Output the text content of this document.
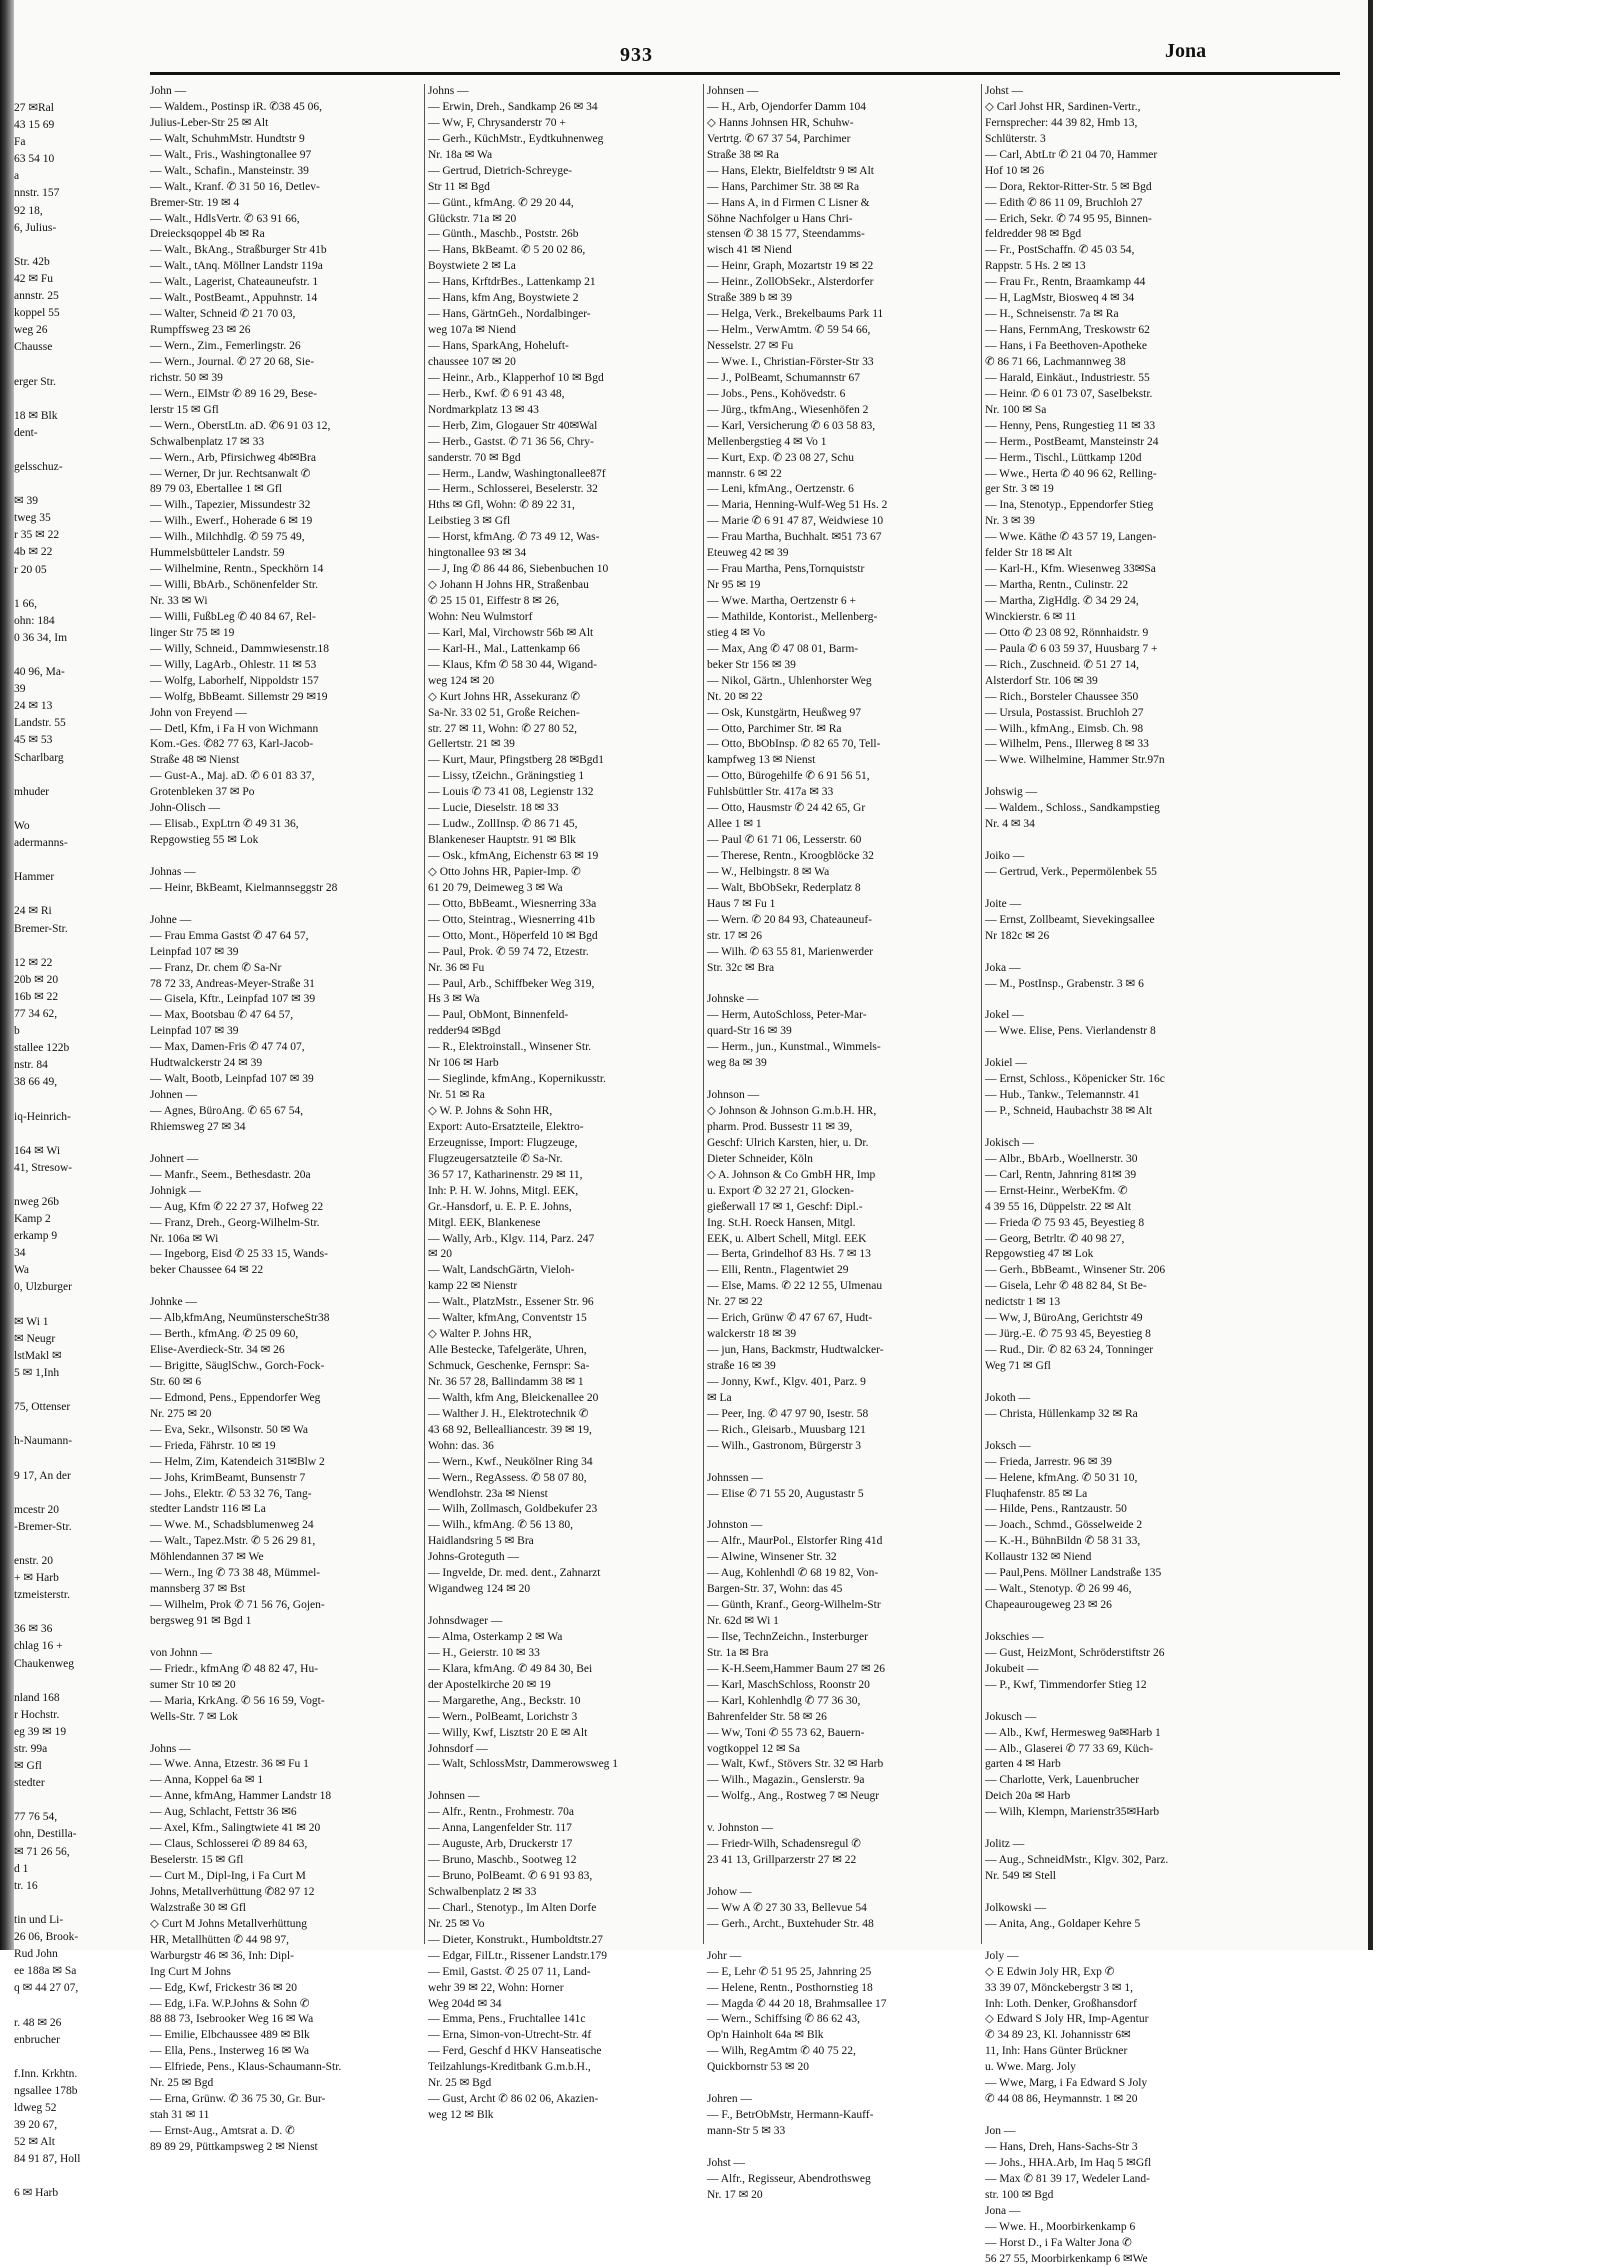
27 ✉Ral
43 15 69
Fa
63 54 10
a
nnstr. 157
92 18,
6, Julius-
Str. 42b
42 ✉ Fu
annstr. 25
koppel 55
weg 26
Chausse
erger Str.
18 ✉ Blk
dent-
gelsschuz-
✉ 39
tweg 35
r 35 ✉ 22
4b ✉ 22
r 20 05
1 66,
ohn: 184
0 36 34, Im
40 96, Ma-
39
24 ✉ 13
Landstr. 55
45 ✉ 53
Scharlbarg
mhuder
Wo
adermanns-
Hammer
24 ✉ Ri
Bremer-Str.
12 ✉ 22
20b ✉ 20
16b ✉ 22
77 34 62,
b
stallee 122b
nstr. 84
38 66 49,
iq-Heinrich-
164 ✉ Wi
41, Stresow-
nweg 26b
Kamp 2
erkamp 9
34
Wa
0, Ulzburger
✉ Wi 1
✉ Neugr
lstMakl ✉
5 ✉ 1,Inh
75, Ottenser
h-Naumann-
9 17, An der
mcestr 20
-Bremer-Str.
enstr. 20
+ ✉ Harb
tzmeisterstr.
36 ✉ 36
chlag 16 +
Chaukenweg
nland 168
r Hochstr.
eg 39 ✉ 19
str. 99a
✉ Gfl
stedter
77 76 54,
ohn, Destilla-
✉ 71 26 56,
d 1
tr. 16
tin und Li-
26 06, Brook-
Rud John
ee 188a ✉ Sa
q ✉ 44 27 07,
r. 48 ✉ 26
enbrucher
f.Inn. Krkhtn.
ngsallee 178b
ldweg 52
39 20 67,
52 ✉ Alt
84 91 87, Holl
6 ✉ Harb
933	Jona
John —
— Waldem., Postinsp iR. ✆38 45 06,
Julius-Leber-Str 25 ✉ Alt
— Walt, SchuhmMstr. Hundtstr 9
— Walt., Fris., Washingtonallee 97
— Walt., Schafin., Mansteinstr. 39
— Walt., Kranf. ✆ 31 50 16, Detlev-
Bremer-Str. 19 ✉ 4
— Walt., HdlsVertr. ✆ 63 91 66,
Dreiecksqoppel 4b ✉ Ra
— Walt., BkAng., Straßburger Str 41b
— Walt., tAnq. Möllner Landstr 119a
— Walt., Lagerist, Chateauneufstr. 1
— Walt., PostBeamt., Appuhnstr. 14
— Walter, Schneid ✆ 21 70 03,
Rumpffsweg 23 ✉ 26
— Wern., Zim., Femerlingstr. 26
— Wern., Journal. ✆ 27 20 68, Sie-
richstr. 50 ✉ 39
— Wern., ElMstr ✆ 89 16 29, Bese-
lerstr 15 ✉ Gfl
— Wern., OberstLtn. aD. ✆6 91 03 12,
Schwalbenplatz 17 ✉ 33
— Wern., Arb, Pfirsichweg 4b✉Bra
— Werner, Dr jur. Rechtsanwalt ✆
89 79 03, Ebertallee 1 ✉ Gfl
— Wilh., Tapezier, Missundestr 32
— Wilh., Ewerf., Hoherade 6 ✉ 19
— Wilh., Milchhdlg. ✆ 59 75 49,
Hummelsbütteler Landstr. 59
— Wilhelmine, Rentn., Speckhörn 14
— Willi, BbArb., Schönenfelder Str.
Nr. 33 ✉ Wi
— Willi, FußbLeg ✆ 40 84 67, Rel-
linger Str 75 ✉ 19
— Willy, Schneid., Dammwiesenstr.18
— Willy, LagArb., Ohlestr. 11 ✉ 53
— Wolfg, Laborhelf, Nippoldstr 157
— Wolfg, BbBeamt. Sillemstr 29 ✉19
John von Freyend —
— Detl, Kfm, i Fa H von Wichmann
Kom.-Ges. ✆82 77 63, Karl-Jacob-
Straße 48 ✉ Nienst
— Gust-A., Maj. aD. ✆ 6 01 83 37,
Grotenbleken 37 ✉ Po
John-Olisch —
— Elisab., ExpLtrn ✆ 49 31 36,
Repgowstieg 55 ✉ Lok
Johnas —
— Heinr, BkBeamt, Kielmannseggstr 28
Johne —
— Frau Emma Gastst ✆ 47 64 57,
Leinpfad 107 ✉ 39
— Franz, Dr. chem ✆ Sa-Nr
78 72 33, Andreas-Meyer-Straße 31
— Gisela, Kftr., Leinpfad 107 ✉ 39
— Max, Bootsbau ✆ 47 64 57,
Leinpfad 107 ✉ 39
— Max, Damen-Fris ✆ 47 74 07,
Hudtwalckerstr 24 ✉ 39
— Walt, Bootb, Leinpfad 107 ✉ 39
Johnen —
— Agnes, BüroAng. ✆ 65 67 54,
Rhiemsweg 27 ✉ 34
Johnert —
— Manfr., Seem., Bethesdastr. 20a
Johnigk —
— Aug, Kfm ✆ 22 27 37, Hofweg 22
— Franz, Dreh., Georg-Wilhelm-Str.
Nr. 106a ✉ Wi
— Ingeborg, Eisd ✆ 25 33 15, Wands-
beker Chaussee 64 ✉ 22
Johnke —
— Alb,kfmAng, NeumünsterscheStr38
— Berth., kfmAng. ✆ 25 09 60,
Elise-Averdieck-Str. 34 ✉ 26
— Brigitte, SäuglSchw., Gorch-Fock-
Str. 60 ✉ 6
— Edmond, Pens., Eppendorfer Weg
Nr. 275 ✉ 20
— Eva, Sekr., Wilsonstr. 50 ✉ Wa
— Frieda, Fährstr. 10 ✉ 19
— Helm, Zim, Katendeich 31✉Blw 2
— Johs, KrimBeamt, Bunsenstr 7
— Johs., Elektr. ✆ 53 32 76, Tang-
stedter Landstr 116 ✉ La
— Wwe. M., Schadsblumenweg 24
— Walt., Tapez.Mstr. ✆ 5 26 29 81,
Möhlendannen 37 ✉ We
— Wern., Ing ✆ 73 38 48, Mümmel-
mannsberg 37 ✉ Bst
— Wilhelm, Prok ✆ 71 56 76, Gojen-
bergsweg 91 ✉ Bgd 1
von Johnn —
— Friedr., kfmAng ✆ 48 82 47, Hu-
sumer Str 10 ✉ 20
— Maria, KrkAng. ✆ 56 16 59, Vogt-
Wells-Str. 7 ✉ Lok
Johns —
— Wwe. Anna, Etzestr. 36 ✉ Fu 1
— Anna, Koppel 6a ✉ 1
— Anne, kfmAng, Hammer Landstr 18
— Aug, Schlacht, Fettstr 36 ✉6
— Axel, Kfm., Salingtwiete 41 ✉ 20
— Claus, Schlosserei ✆ 89 84 63,
Beselerstr. 15 ✉ Gfl
— Curt M., Dipl-Ing, i Fa Curt M
Johns, Metallverhüttung ✆82 97 12
Walzstraße 30 ✉ Gfl
◇ Curt M Johns Metallverhüttung
HR, Metallhütten ✆ 44 98 97,
Warburgstr 46 ✉ 36, Inh: Dipl-
Ing Curt M Johns
— Edg, Kwf, Frickestr 36 ✉ 20
— Edg, i.Fa. W.P.Johns & Sohn ✆
88 88 73, Isebrooker Weg 16 ✉ Wa
— Emilie, Elbchaussee 489 ✉ Blk
— Ella, Pens., Insterweg 16 ✉ Wa
— Elfriede, Pens., Klaus-Schaumann-Str.
Nr. 25 ✉ Bgd
— Erna, Grünw. ✆ 36 75 30, Gr. Bur-
stah 31 ✉ 11
— Ernst-Aug., Amtsrat a. D. ✆
89 89 29, Püttkampsweg 2 ✉ Nienst
Johns —
— Erwin, Dreh., Sandkamp 26 ✉ 34
— Ww, F, Chrysanderstr 70 +
— Gerh., KüchMstr., Eydtkuhnenweg
Nr. 18a ✉ Wa
— Gertrud, Dietrich-Schreyge-
Str 11 ✉ Bgd
— Günt., kfmAng. ✆ 29 20 44,
Glückstr. 71a ✉ 20
— Günth., Maschb., Poststr. 26b
— Hans, BkBeamt. ✆ 5 20 02 86,
Boystwiete 2 ✉ La
— Hans, KrftdrBes., Lattenkamp 21
— Hans, kfm Ang, Boystwiete 2
— Hans, GärtnGeh., Nordalbinger-
weg 107a ✉ Niend
— Hans, SparkAng, Hoheluft-
chaussee 107 ✉ 20
— Heinr., Arb., Klapperhof 10 ✉ Bgd
— Herb., Kwf. ✆ 6 91 43 48,
Nordmarkplatz 13 ✉ 43
— Herb, Zim, Glogauer Str 40✉Wal
— Herb., Gastst. ✆ 71 36 56, Chry-
sanderstr. 70 ✉ Bgd
— Herm., Landw, Washingtonallee87f
— Herm., Schlosserei, Beselerstr. 32
Hths ✉ Gfl, Wohn: ✆ 89 22 31,
Leibstieg 3 ✉ Gfl
— Horst, kfmAng. ✆ 73 49 12, Was-
hingtonallee 93 ✉ 34
— J, Ing ✆ 86 44 86, Siebenbuchen 10
◇ Johann H Johns HR, Straßenbau
✆ 25 15 01, Eiffestr 8 ✉ 26,
Wohn: Neu Wulmstorf
— Karl, Mal, Virchowstr 56b ✉ Alt
— Karl-H., Mal., Lattenkamp 66
— Klaus, Kfm ✆ 58 30 44, Wigand-
weg 124 ✉ 20
◇ Kurt Johns HR, Assekuranz ✆
Sa-Nr. 33 02 51, Große Reichen-
str. 27 ✉ 11, Wohn: ✆ 27 80 52,
Gellertstr. 21 ✉ 39
— Kurt, Maur, Pfingstberg 28 ✉Bgd1
— Lissy, tZeichn., Gräningstieg 1
— Louis ✆ 73 41 08, Legienstr 132
— Lucie, Dieselstr. 18 ✉ 33
— Ludw., ZollInsp. ✆ 86 71 45,
Blankeneser Hauptstr. 91 ✉ Blk
— Osk., kfmAng, Eichenstr 63 ✉ 19
◇ Otto Johns HR, Papier-Imp. ✆
61 20 79, Deimeweg 3 ✉ Wa
— Otto, BbBeamt., Wiesnerring 33a
— Otto, Steintrag., Wiesnerring 41b
— Otto, Mont., Höperfeld 10 ✉ Bgd
— Paul, Prok. ✆ 59 74 72, Etzestr.
Nr. 36 ✉ Fu
— Paul, Arb., Schiffbeker Weg 319,
Hs 3 ✉ Wa
— Paul, ObMont, Binnenfeld-
redder94 ✉Bgd
— R., Elektroinstall., Winsener Str.
Nr 106 ✉ Harb
— Sieglinde, kfmAng., Kopernikusstr.
Nr. 51 ✉ Ra
◇ W. P. Johns & Sohn HR,
Export: Auto-Ersatzteile, Elektro-
Erzeugnisse, Import: Flugzeuge,
Flugzeugersatzteile ✆ Sa-Nr.
36 57 17, Katharinenstr. 29 ✉ 11,
Inh: P. H. W. Johns, Mitgl. EEK,
Gr.-Hansdorf, u. E. P. E. Johns,
Mitgl. EEK, Blankenese
— Wally, Arb., Klgv. 114, Parz. 247
✉ 20
— Walt, LandschGärtn, Vieloh-
kamp 22 ✉ Nienstr
— Walt., PlatzMstr., Essener Str. 96
— Walter, kfmAng, Conventstr 15
◇ Walter P. Johns HR,
Alle Bestecke, Tafelgeräte, Uhren,
Schmuck, Geschenke, Fernspr: Sa-
Nr. 36 57 28, Ballindamm 38 ✉ 1
— Walth, kfm Ang, Bleickenallee 20
— Walther J. H., Elektrotechnik ✆
43 68 92, Bellealliancestr. 39 ✉ 19,
Wohn: das. 36
— Wern., Kwf., Neukölner Ring 34
— Wern., RegAssess. ✆ 58 07 80,
Wendlohstr. 23a ✉ Nienst
— Wilh, Zollmasch, Goldbekufer 23
— Wilh., kfmAng. ✆ 56 13 80,
Haidlandsring 5 ✉ Bra
Johns-Groteguth —
— Ingvelde, Dr. med. dent., Zahnarzt
Wigandweg 124 ✉ 20
Johnsdwager —
— Alma, Osterkamp 2 ✉ Wa
— H., Geierstr. 10 ✉ 33
— Klara, kfmAng. ✆ 49 84 30, Bei
der Apostelkirche 20 ✉ 19
— Margarethe, Ang., Beckstr. 10
— Wern., PolBeamt, Lorichstr 3
— Willy, Kwf, Lisztstr 20 E ✉ Alt
Johnsdorf —
— Walt, SchlossMstr, Dammerowsweg 1
Johnsen —
— Alfr., Rentn., Frohmestr. 70a
— Anna, Langenfelder Str. 117
— Auguste, Arb, Druckerstr 17
— Bruno, Maschb., Sootweg 12
— Bruno, PolBeamt. ✆ 6 91 93 83,
Schwalbenplatz 2 ✉ 33
— Charl., Stenotyp., Im Alten Dorfe
Nr. 25 ✉ Vo
— Dieter, Konstrukt., Humboldtstr.27
— Edgar, FilLtr., Rissener Landstr.179
— Emil, Gastst. ✆ 25 07 11, Land-
wehr 39 ✉ 22, Wohn: Horner
Weg 204d ✉ 34
— Emma, Pens., Fruchtallee 141c
— Erna, Simon-von-Utrecht-Str. 4f
— Ferd, Geschf d HKV Hanseatische
Teilzahlungs-Kreditbank G.m.b.H.,
Nr. 25 ✉ Bgd
— Gust, Archt ✆ 86 02 06, Akazien-
weg 12 ✉ Blk
Johnsen —
— H., Arb, Ojendorfer Damm 104
◇ Hanns Johnsen HR, Schuhw-
Vertrtg. ✆ 67 37 54, Parchimer
Straße 38 ✉ Ra
— Hans, Elektr, Bielfeldtstr 9 ✉ Alt
— Hans, Parchimer Str. 38 ✉ Ra
— Hans A, in d Firmen C Lisner &
Söhne Nachfolger u Hans Chri-
stensen ✆ 38 15 77, Steendamms-
wisch 41 ✉ Niend
— Heinr, Graph, Mozartstr 19 ✉ 22
— Heinr., ZollObSekr., Alsterdorfer
Straße 389 b ✉ 39
— Helga, Verk., Brekelbaums Park 11
— Helm., VerwAmtm. ✆ 59 54 66,
Nesselstr. 27 ✉ Fu
— Wwe. I., Christian-Förster-Str 33
— J., PolBeamt, Schumannstr 67
— Jobs., Pens., Kohövedstr. 6
— Jürg., tkfmAng., Wiesenhöfen 2
— Karl, Versicherung ✆ 6 03 58 83,
Mellenbergstieg 4 ✉ Vo 1
— Kurt, Exp. ✆ 23 08 27, Schu
mannstr. 6 ✉ 22
— Leni, kfmAng., Oertzenstr. 6
— Maria, Henning-Wulf-Weg 51 Hs. 2
— Marie ✆ 6 91 47 87, Weidwiese 10
— Frau Martha, Buchhalt. ✉51 73 67
Eteuweg 42 ✉ 39
— Frau Martha, Pens,Tornquiststr
Nr 95 ✉ 19
— Wwe. Martha, Oertzenstr 6 +
— Mathilde, Kontorist., Mellenberg-
stieg 4 ✉ Vo
— Max, Ang ✆ 47 08 01, Barm-
beker Str 156 ✉ 39
— Nikol, Gärtn., Uhlenhorster Weg
Nt. 20 ✉ 22
— Osk, Kunstgärtn, Heußweg 97
— Otto, Parchimer Str. ✉ Ra
— Otto, BbObInsp. ✆ 82 65 70, Tell-
kampfweg 13 ✉ Nienst
— Otto, Bürogehilfe ✆ 6 91 56 51,
Fuhlsbüttler Str. 417a ✉ 33
— Otto, Hausmstr ✆ 24 42 65, Gr
Allee 1 ✉ 1
— Paul ✆ 61 71 06, Lesserstr. 60
— Therese, Rentn., Kroogblöcke 32
— W., Helbingstr. 8 ✉ Wa
— Walt, BbObSekr, Rederplatz 8
Haus 7 ✉ Fu 1
— Wern. ✆ 20 84 93, Chateauneuf-
str. 17 ✉ 26
— Wilh. ✆ 63 55 81, Marienwerder
Str. 32c ✉ Bra
Johnske —
— Herm, AutoSchloss, Peter-Mar-
quard-Str 16 ✉ 39
— Herm., jun., Kunstmal., Wimmels-
weg 8a ✉ 39
Johnson —
◇ Johnson & Johnson G.m.b.H. HR,
pharm. Prod. Bussestr 11 ✉ 39,
Geschf: Ulrich Karsten, hier, u. Dr.
Dieter Schneider, Köln
◇ A. Johnson & Co GmbH HR, Imp
u. Export ✆ 32 27 21, Glocken-
gießerwall 17 ✉ 1, Geschf: Dipl.-
Ing. St.H. Roeck Hansen, Mitgl.
EEK, u. Albert Schell, Mitgl. EEK
— Berta, Grindelhof 83 Hs. 7 ✉ 13
— Elli, Rentn., Flagentwiet 29
— Else, Mams. ✆ 22 12 55, Ulmenau
Nr. 27 ✉ 22
— Erich, Grünw ✆ 47 67 67, Hudt-
walckerstr 18 ✉ 39
— jun, Hans, Backmstr, Hudtwalcker-
straße 16 ✉ 39
— Jonny, Kwf., Klgv. 401, Parz. 9
✉ La
— Peer, Ing. ✆ 47 97 90, Isestr. 58
— Rich., Gleisarb., Muusbarg 121
— Wilh., Gastronom, Bürgerstr 3
Johnssen —
— Elise ✆ 71 55 20, Augustastr 5
Johnston —
— Alfr., MaurPol., Elstorfer Ring 41d
— Alwine, Winsener Str. 32
— Aug, Kohlenhdl ✆ 68 19 82, Von-
Bargen-Str. 37, Wohn: das 45
— Günth, Kranf., Georg-Wilhelm-Str
Nr. 62d ✉ Wi 1
— Ilse, TechnZeichn., Insterburger
Str. 1a ✉ Bra
— K-H.Seem,Hammer Baum 27 ✉ 26
— Karl, MaschSchloss, Roonstr 20
— Karl, Kohlenhdlg ✆ 77 36 30,
Bahrenfelder Str. 58 ✉ 26
— Ww, Toni ✆ 55 73 62, Bauern-
vogtkoppel 12 ✉ Sa
— Walt, Kwf., Stövers Str. 32 ✉ Harb
— Wilh., Magazin., Genslerstr. 9a
— Wolfg., Ang., Rostweg 7 ✉ Neugr
v. Johnston —
— Friedr-Wilh, Schadensregul ✆
23 41 13, Grillparzerstr 27 ✉ 22
Johow —
— Ww A ✆ 27 30 33, Bellevue 54
— Gerh., Archt., Buxtehuder Str. 48
Johr —
— E, Lehr ✆ 51 95 25, Jahnring 25
— Helene, Rentn., Posthornstieg 18
— Magda ✆ 44 20 18, Brahmsallee 17
— Wern., Schiffsing ✆ 86 62 43,
Op'n Hainholt 64a ✉ Blk
— Wilh, RegAmtm ✆ 40 75 22,
Quickbornstr 53 ✉ 20
Johren —
— F., BetrObMstr, Hermann-Kauff-
mann-Str 5 ✉ 33
Johst —
— Alfr., Regisseur, Abendrothsweg
Nr. 17 ✉ 20
Johst —
◇ Carl Johst HR, Sardinen-Vertr.,
Fernsprecher: 44 39 82, Hmb 13,
Schlüterstr. 3
— Carl, AbtLtr ✆ 21 04 70, Hammer
Hof 10 ✉ 26
— Dora, Rektor-Ritter-Str. 5 ✉ Bgd
— Edith ✆ 86 11 09, Bruchloh 27
— Erich, Sekr. ✆ 74 95 95, Binnen-
feldredder 98 ✉ Bgd
— Fr., PostSchaffn. ✆ 45 03 54,
Rappstr. 5 Hs. 2 ✉ 13
— Frau Fr., Rentn, Braamkamp 44
— H, LagMstr, Biosweq 4 ✉ 34
— H., Schneisenstr. 7a ✉ Ra
— Hans, FernmAng, Treskowstr 62
— Hans, i Fa Beethoven-Apotheke
✆ 86 71 66, Lachmannweg 38
— Harald, Einkäut., Industriestr. 55
— Heinr. ✆ 6 01 73 07, Saselbekstr.
Nr. 100 ✉ Sa
— Henny, Pens, Rungestieg 11 ✉ 33
— Herm., PostBeamt, Mansteinstr 24
— Herm., Tischl., Lüttkamp 120d
— Wwe., Herta ✆ 40 96 62, Relling-
ger Str. 3 ✉ 19
— Ina, Stenotyp., Eppendorfer Stieg
Nr. 3 ✉ 39
— Wwe. Käthe ✆ 43 57 19, Langen-
felder Str 18 ✉ Alt
— Karl-H., Kfm. Wiesenweg 33✉Sa
— Martha, Rentn., Culinstr. 22
— Martha, ZigHdlg. ✆ 34 29 24,
Winckierstr. 6 ✉ 11
— Otto ✆ 23 08 92, Rönnhaidstr. 9
— Paula ✆ 6 03 59 37, Huusbarg 7 +
— Rich., Zuschneid. ✆ 51 27 14,
Alsterdorf Str. 106 ✉ 39
— Rich., Borsteler Chaussee 350
— Ursula, Postassist. Bruchloh 27
— Wilh., kfmAng., Eimsb. Ch. 98
— Wilhelm, Pens., Illerweg 8 ✉ 33
— Wwe. Wilhelmine, Hammer Str.97n
Johswig —
— Waldem., Schloss., Sandkampstieg
Nr. 4 ✉ 34
Joiko —
— Gertrud, Verk., Pepermölenbek 55
Joite —
— Ernst, Zollbeamt, Sievekingsallee
Nr 182c ✉ 26
Joka —
— M., PostInsp., Grabenstr. 3 ✉ 6
Jokel —
— Wwe. Elise, Pens. Vierlandenstr 8
Jokiel —
— Ernst, Schloss., Köpenicker Str. 16c
— Hub., Tankw., Telemannstr. 41
— P., Schneid, Haubachstr 38 ✉ Alt
Jokisch —
— Albr., BbArb., Woellnerstr. 30
— Carl, Rentn, Jahnring 81✉ 39
— Ernst-Heinr., WerbeKfm. ✆
4 39 55 16, Düppelstr. 22 ✉ Alt
— Frieda ✆ 75 93 45, Beyestieg 8
— Georg, Betrltr. ✆ 40 98 27,
Repgowstieg 47 ✉ Lok
— Gerh., BbBeamt., Winsener Str. 206
— Gisela, Lehr ✆ 48 82 84, St Be-
nedictstr 1 ✉ 13
— Ww, J, BüroAng, Gerichtstr 49
— Jürg.-E. ✆ 75 93 45, Beyestieg 8
— Rud., Dir. ✆ 82 63 24, Tonninger
Weg 71 ✉ Gfl
Jokoth —
— Christa, Hüllenkamp 32 ✉ Ra
Joksch —
— Frieda, Jarrestr. 96 ✉ 39
— Helene, kfmAng. ✆ 50 31 10,
Fluqhafenstr. 85 ✉ La
— Hilde, Pens., Rantzaustr. 50
— Joach., Schmd., Gösselweide 2
— K.-H., BühnBildn ✆ 58 31 33,
Kollaustr 132 ✉ Niend
— Paul,Pens. Möllner Landstraße 135
— Walt., Stenotyp. ✆ 26 99 46,
Chapeaurougeweg 23 ✉ 26
Jokschies —
— Gust, HeizMont, Schröderstiftstr 26
Jokubeit —
— P., Kwf, Timmendorfer Stieg 12
Jokusch —
— Alb., Kwf, Hermesweg 9a✉Harb 1
— Alb., Glaserei ✆ 77 33 69, Küch-
garten 4 ✉ Harb
— Charlotte, Verk, Lauenbrucher
Deich 20a ✉ Harb
— Wilh, Klempn, Marienstr35✉Harb
Jolitz —
— Aug., SchneidMstr., Klgv. 302, Parz.
Nr. 549 ✉ Stell
Jolkowski —
— Anita, Ang., Goldaper Kehre 5
Joly —
◇ E Edwin Joly HR, Exp ✆
33 39 07, Mönckebergstr 3 ✉ 1,
Inh: Loth. Denker, Großhansdorf
◇ Edward S Joly HR, Imp-Agentur
✆ 34 89 23, Kl. Johannisstr 6✉
11, Inh: Hans Günter Brückner
u. Wwe. Marg. Joly
— Wwe, Marg, i Fa Edward S Joly
✆ 44 08 86, Heymannstr. 1 ✉ 20
Jon —
— Hans, Dreh, Hans-Sachs-Str 3
— Johs., HHA.Arb, Im Haq 5 ✉Gfl
— Max ✆ 81 39 17, Wedeler Land-
str. 100 ✉ Bgd
Jona —
— Wwe. H., Moorbirkenkamp 6
— Horst D., i Fa Walter Jona ✆
56 27 55, Moorbirkenkamp 6 ✉We
